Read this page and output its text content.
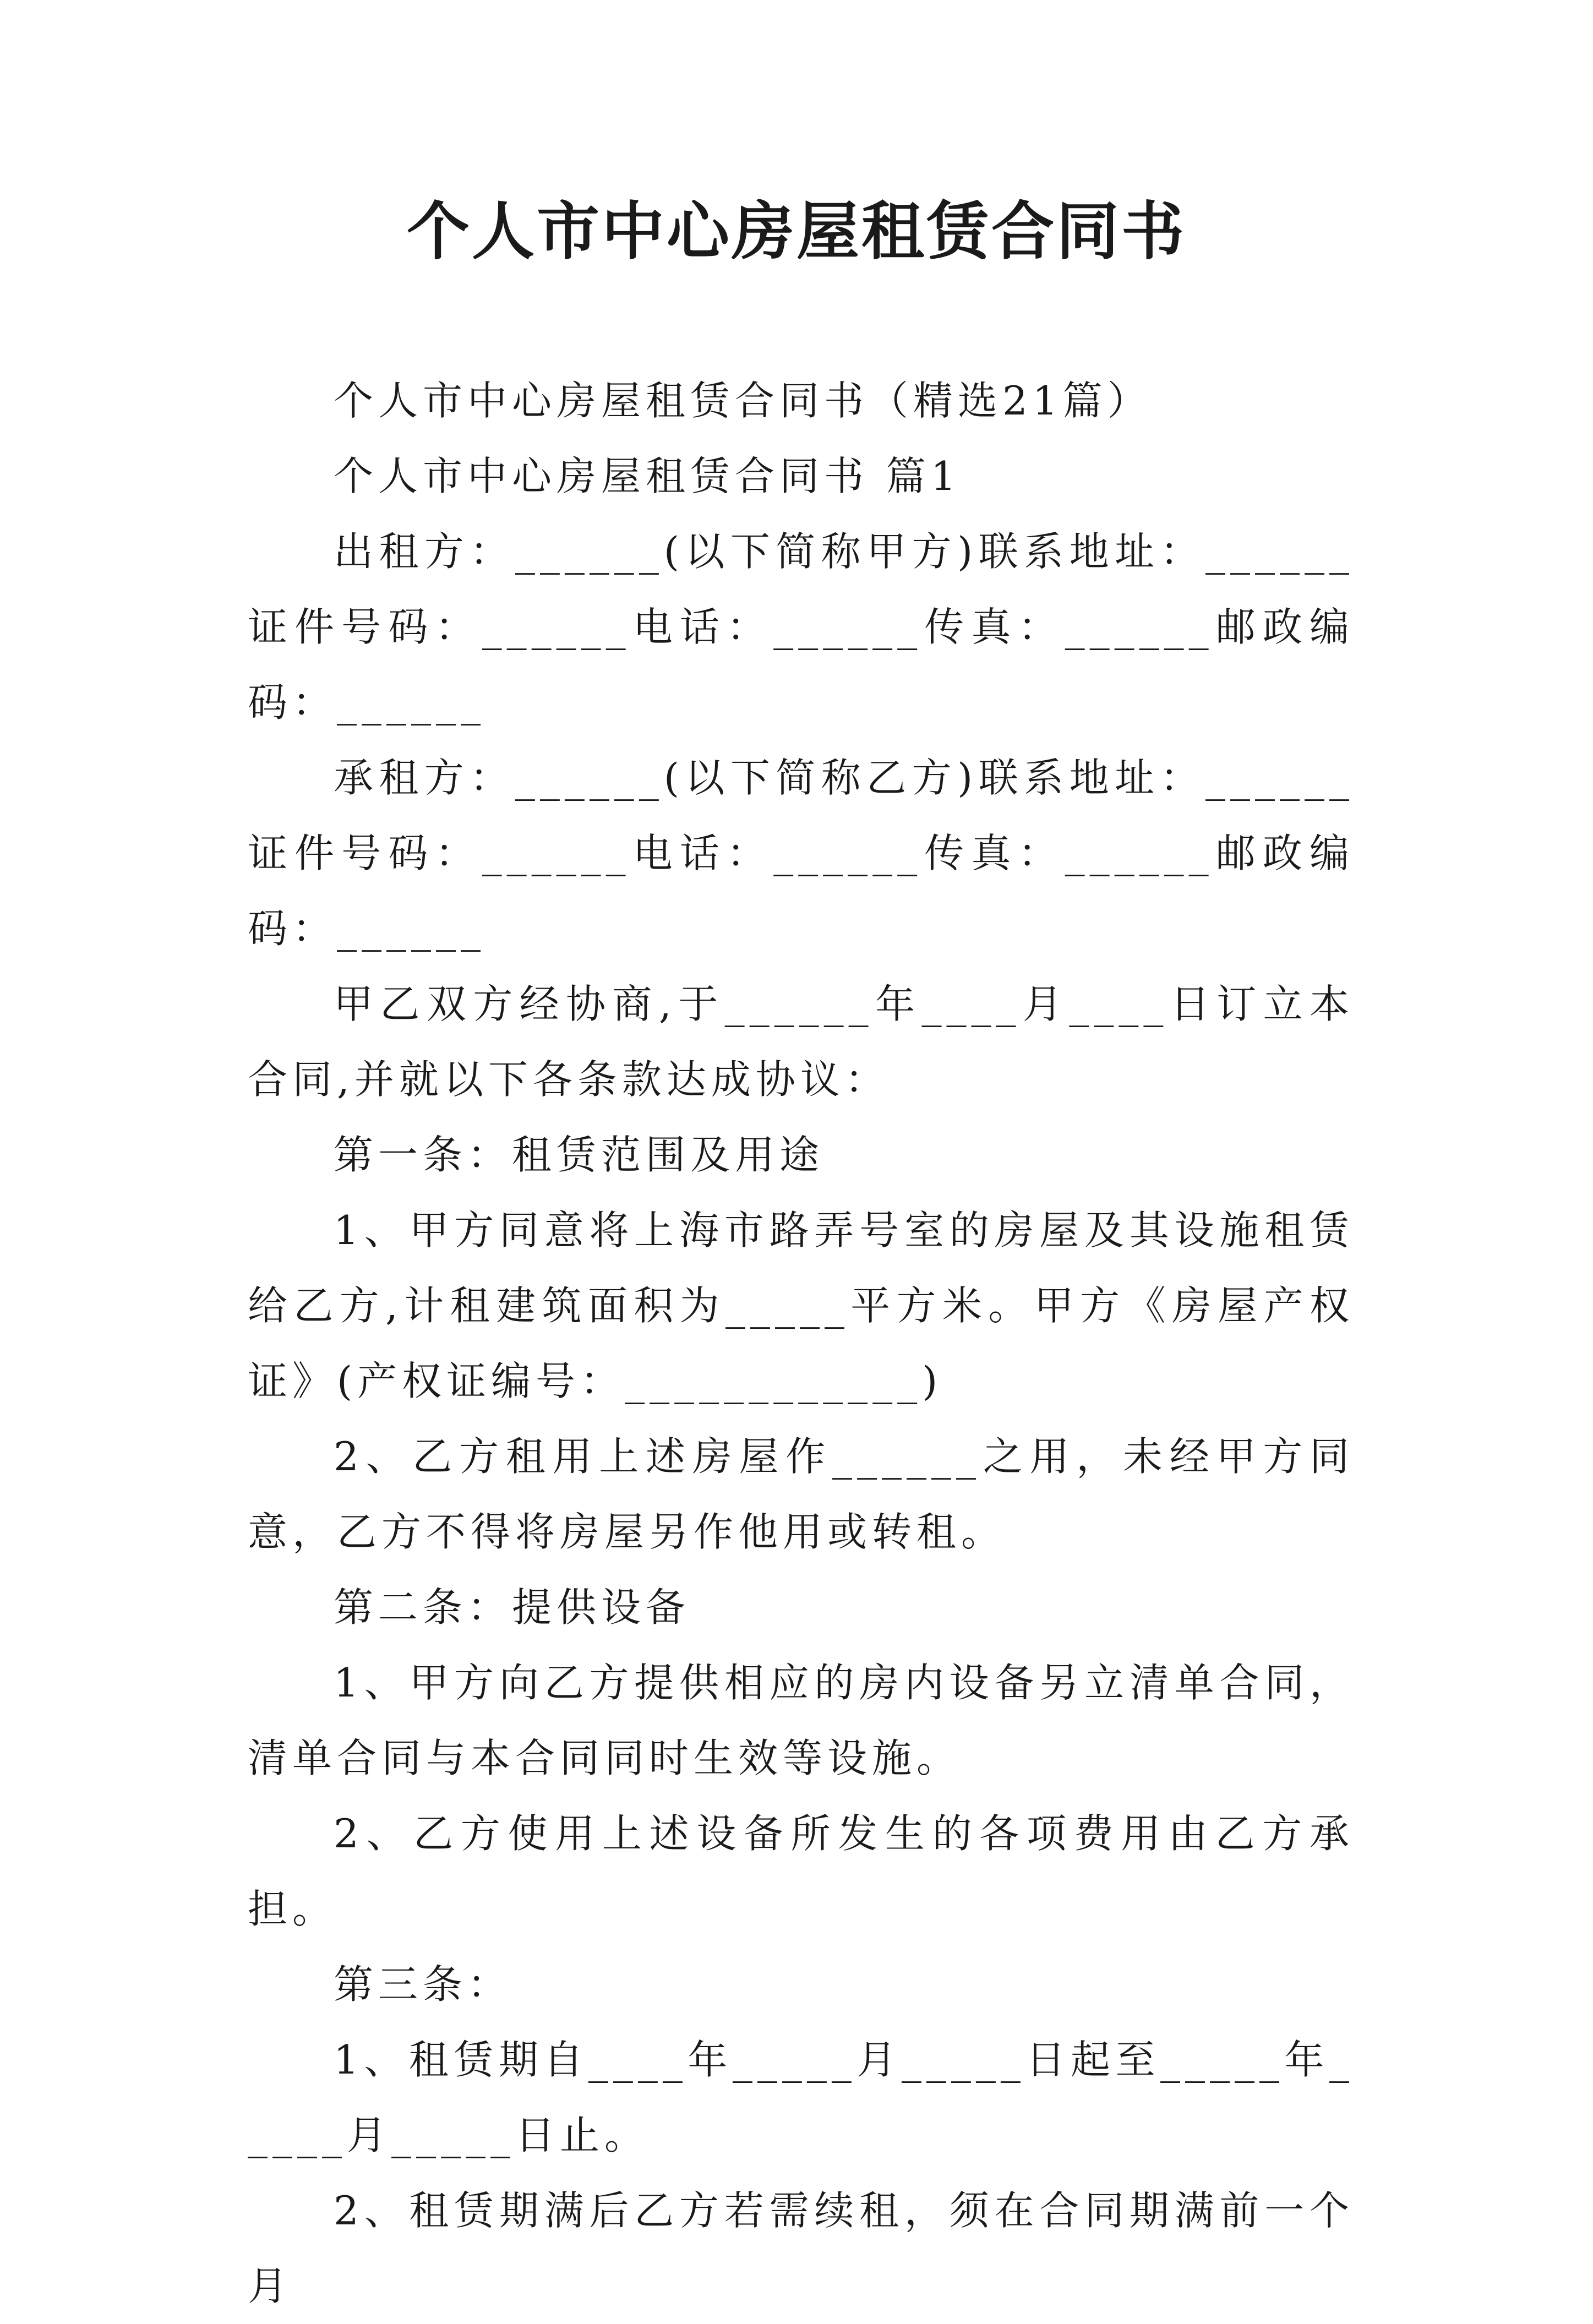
个人市中心房屋租赁合同书

个人市中心房屋租赁合同书（精选21篇）

个人市中心房屋租赁合同书 篇1

出租方：______(以下简称甲方)联系地址：______证件号码：______电话：______传真：______邮政编码：______

承租方：______(以下简称乙方)联系地址：______证件号码：______电话：______传真：______邮政编码：______

甲乙双方经协商,于______年____月____日订立本合同,并就以下各条款达成协议：

第一条：租赁范围及用途

1、甲方同意将上海市路弄号室的房屋及其设施租赁给乙方,计租建筑面积为_____平方米。甲方《房屋产权证》(产权证编号：____________)

2、乙方租用上述房屋作______之用，未经甲方同意，乙方不得将房屋另作他用或转租。

第二条：提供设备

1、甲方向乙方提供相应的房内设备另立清单合同，清单合同与本合同同时生效等设施。

2、乙方使用上述设备所发生的各项费用由乙方承担。

第三条：

1、租赁期自____年_____月_____日起至_____年_____月_____日止。

2、租赁期满后乙方若需续租，须在合同期满前一个月
